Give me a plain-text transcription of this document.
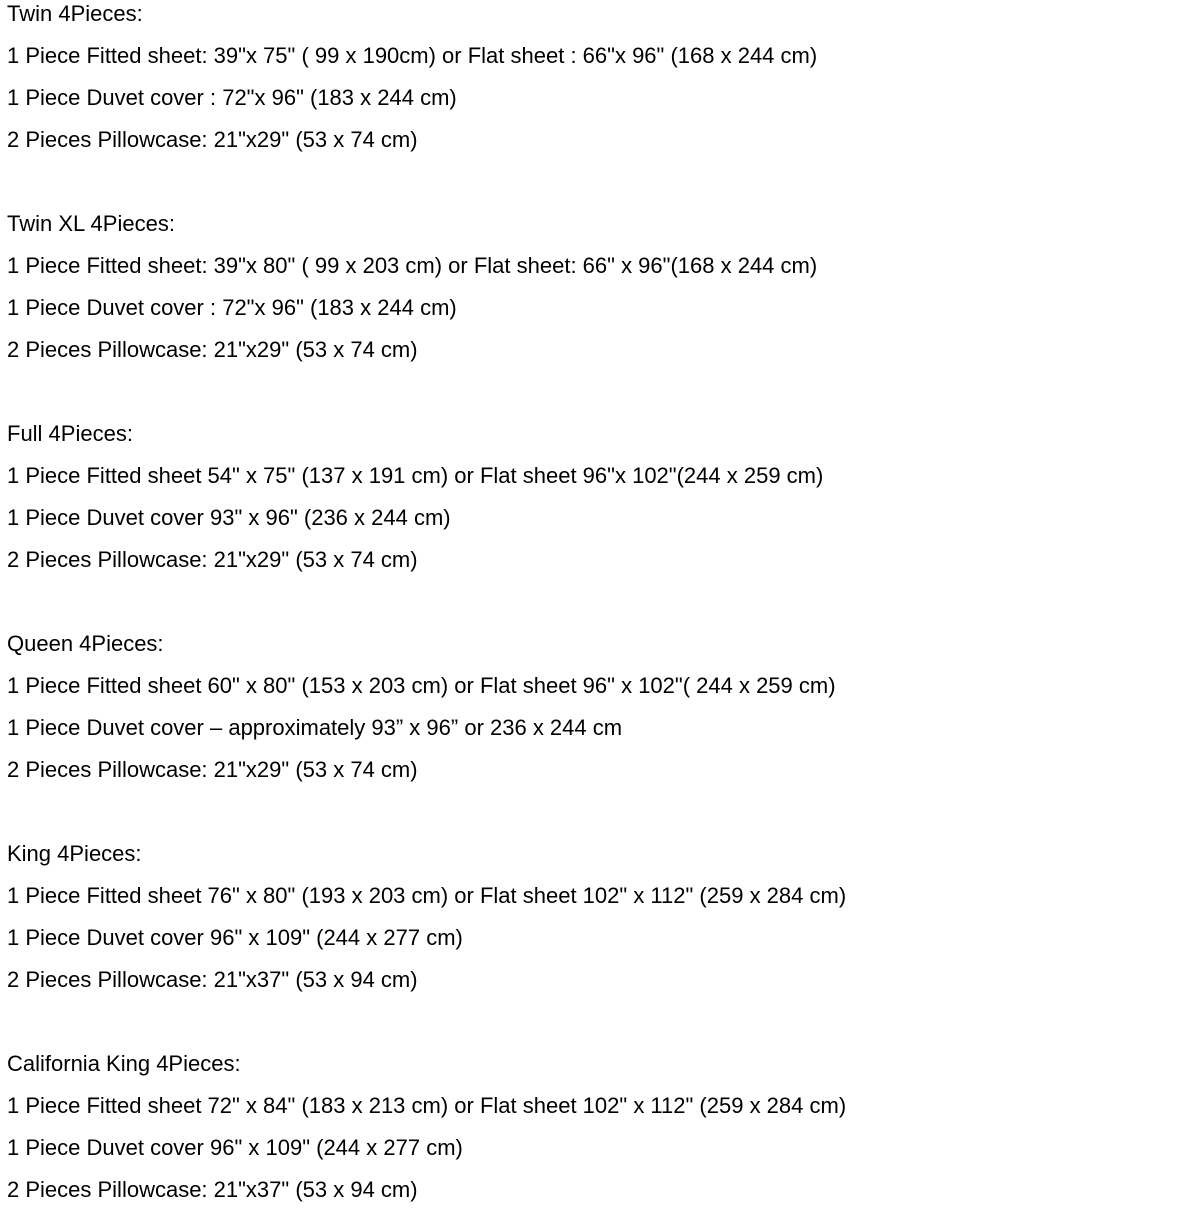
Twin 4Pieces:
1 Piece Fitted sheet: 39"x 75" ( 99 x 190cm) or Flat sheet : 66"x 96" (168 x 244 cm)
1 Piece Duvet cover : 72"x 96" (183 x 244 cm)
2 Pieces Pillowcase: 21"x29" (53 x 74 cm)
Twin XL 4Pieces:
1 Piece Fitted sheet: 39"x 80" ( 99 x 203 cm) or Flat sheet: 66" x 96"(168 x 244 cm)
1 Piece Duvet cover : 72"x 96" (183 x 244 cm)
2 Pieces Pillowcase: 21"x29" (53 x 74 cm)
Full 4Pieces:
1 Piece Fitted sheet 54" x 75" (137 x 191 cm) or Flat sheet 96"x 102"(244 x 259 cm)
1 Piece Duvet cover 93" x 96" (236 x 244 cm)
2 Pieces Pillowcase: 21"x29" (53 x 74 cm)
Queen 4Pieces:
1 Piece Fitted sheet 60" x 80" (153 x 203 cm) or Flat sheet 96" x 102"( 244 x 259 cm)
1 Piece Duvet cover – approximately 93” x 96” or 236 x 244 cm
2 Pieces Pillowcase: 21"x29" (53 x 74 cm)
King 4Pieces:
1 Piece Fitted sheet 76" x 80" (193 x 203 cm) or Flat sheet 102" x 112" (259 x 284 cm)
1 Piece Duvet cover 96" x 109" (244 x 277 cm)
2 Pieces Pillowcase: 21"x37" (53 x 94 cm)
California King 4Pieces:
1 Piece Fitted sheet 72" x 84" (183 x 213 cm) or Flat sheet 102" x 112" (259 x 284 cm)
1 Piece Duvet cover 96" x 109" (244 x 277 cm)
2 Pieces Pillowcase: 21"x37" (53 x 94 cm)
